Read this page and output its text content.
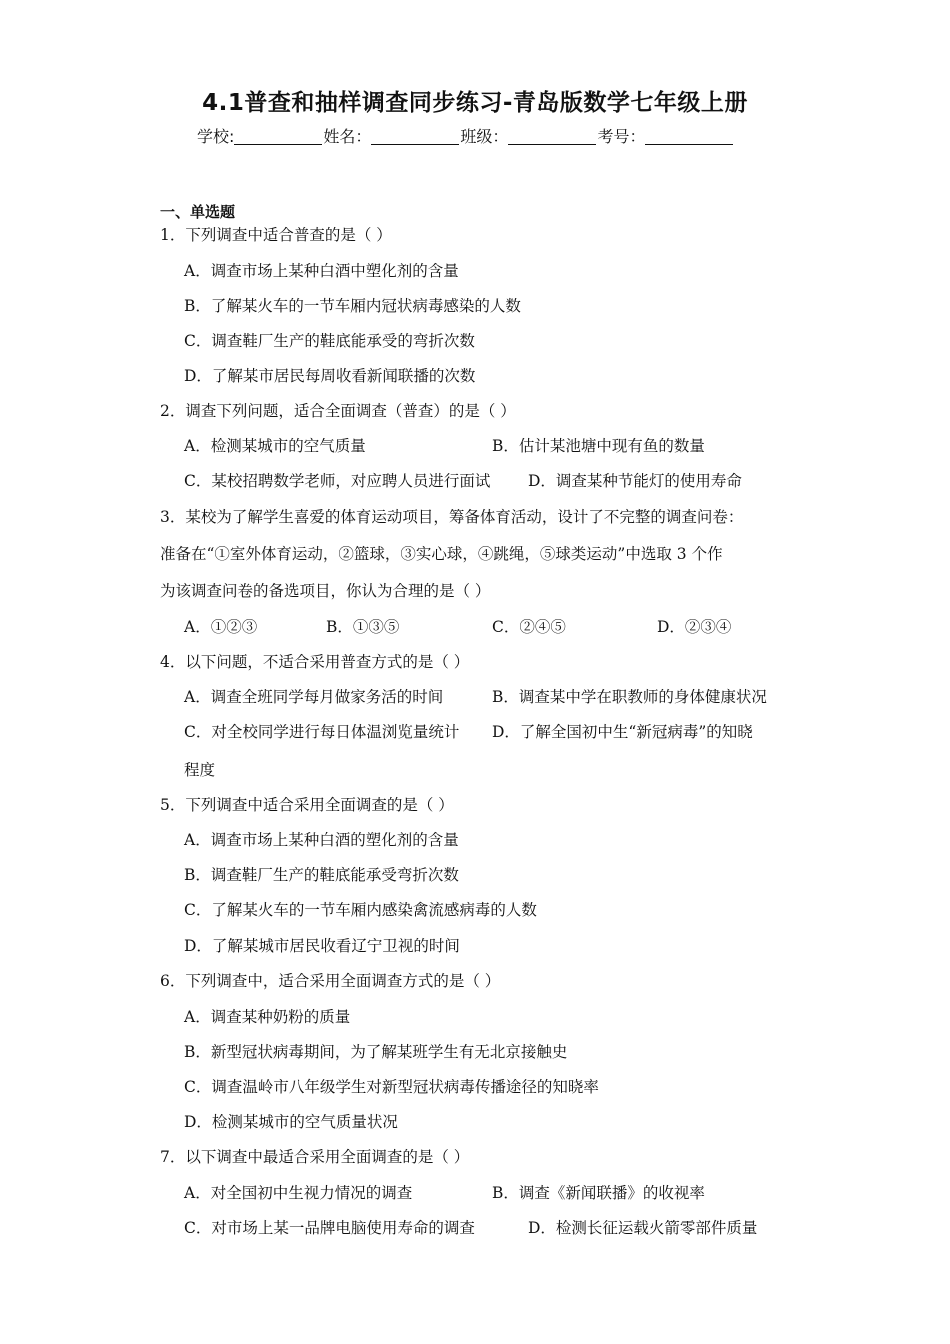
4.1普查和抽样调查同步练习-青岛版数学七年级上册
学校:	姓名：	班级：	考号：
一、单选题
1．下列调查中适合普查的是（ ）
A．调查市场上某种白酒中塑化剂的含量
B．了解某火车的一节车厢内冠状病毒感染的人数
C．调查鞋厂生产的鞋底能承受的弯折次数
D．了解某市居民每周收看新闻联播的次数
2．调查下列问题，适合全面调查（普查）的是（ ）
A．检测某城市的空气质量	B．估计某池塘中现有鱼的数量
C．某校招聘数学老师，对应聘人员进行面试 D．调查某种节能灯的使用寿命
3．某校为了解学生喜爱的体育运动项目，筹备体育活动，设计了不完整的调查问卷：
准备在“①室外体育运动，②篮球，③实心球，④跳绳，⑤球类运动”中选取 3 个作
为该调查问卷的备选项目，你认为合理的是（ ）
A．①②③	B．①③⑤	C．②④⑤	D．②③④
4．以下问题，不适合采用普查方式的是（ ）
A．调查全班同学每月做家务活的时间	B．调查某中学在职教师的身体健康状况
C．对全校同学进行每日体温浏览量统计 D．了解全国初中生“新冠病毒”的知晓
程度
5．下列调查中适合采用全面调查的是（ ）
A．调查市场上某种白酒的塑化剂的含量
B．调查鞋厂生产的鞋底能承受弯折次数
C．了解某火车的一节车厢内感染禽流感病毒的人数
D．了解某城市居民收看辽宁卫视的时间
6．下列调查中，适合采用全面调查方式的是（ ）
A．调查某种奶粉的质量
B．新型冠状病毒期间，为了解某班学生有无北京接触史
C．调查温岭市八年级学生对新型冠状病毒传播途径的知晓率
D．检测某城市的空气质量状况
7．以下调查中最适合采用全面调查的是（ ）
A．对全国初中生视力情况的调查	B．调查《新闻联播》的收视率
C．对市场上某一品牌电脑使用寿命的调查	D．检测长征运载火箭零部件质量
